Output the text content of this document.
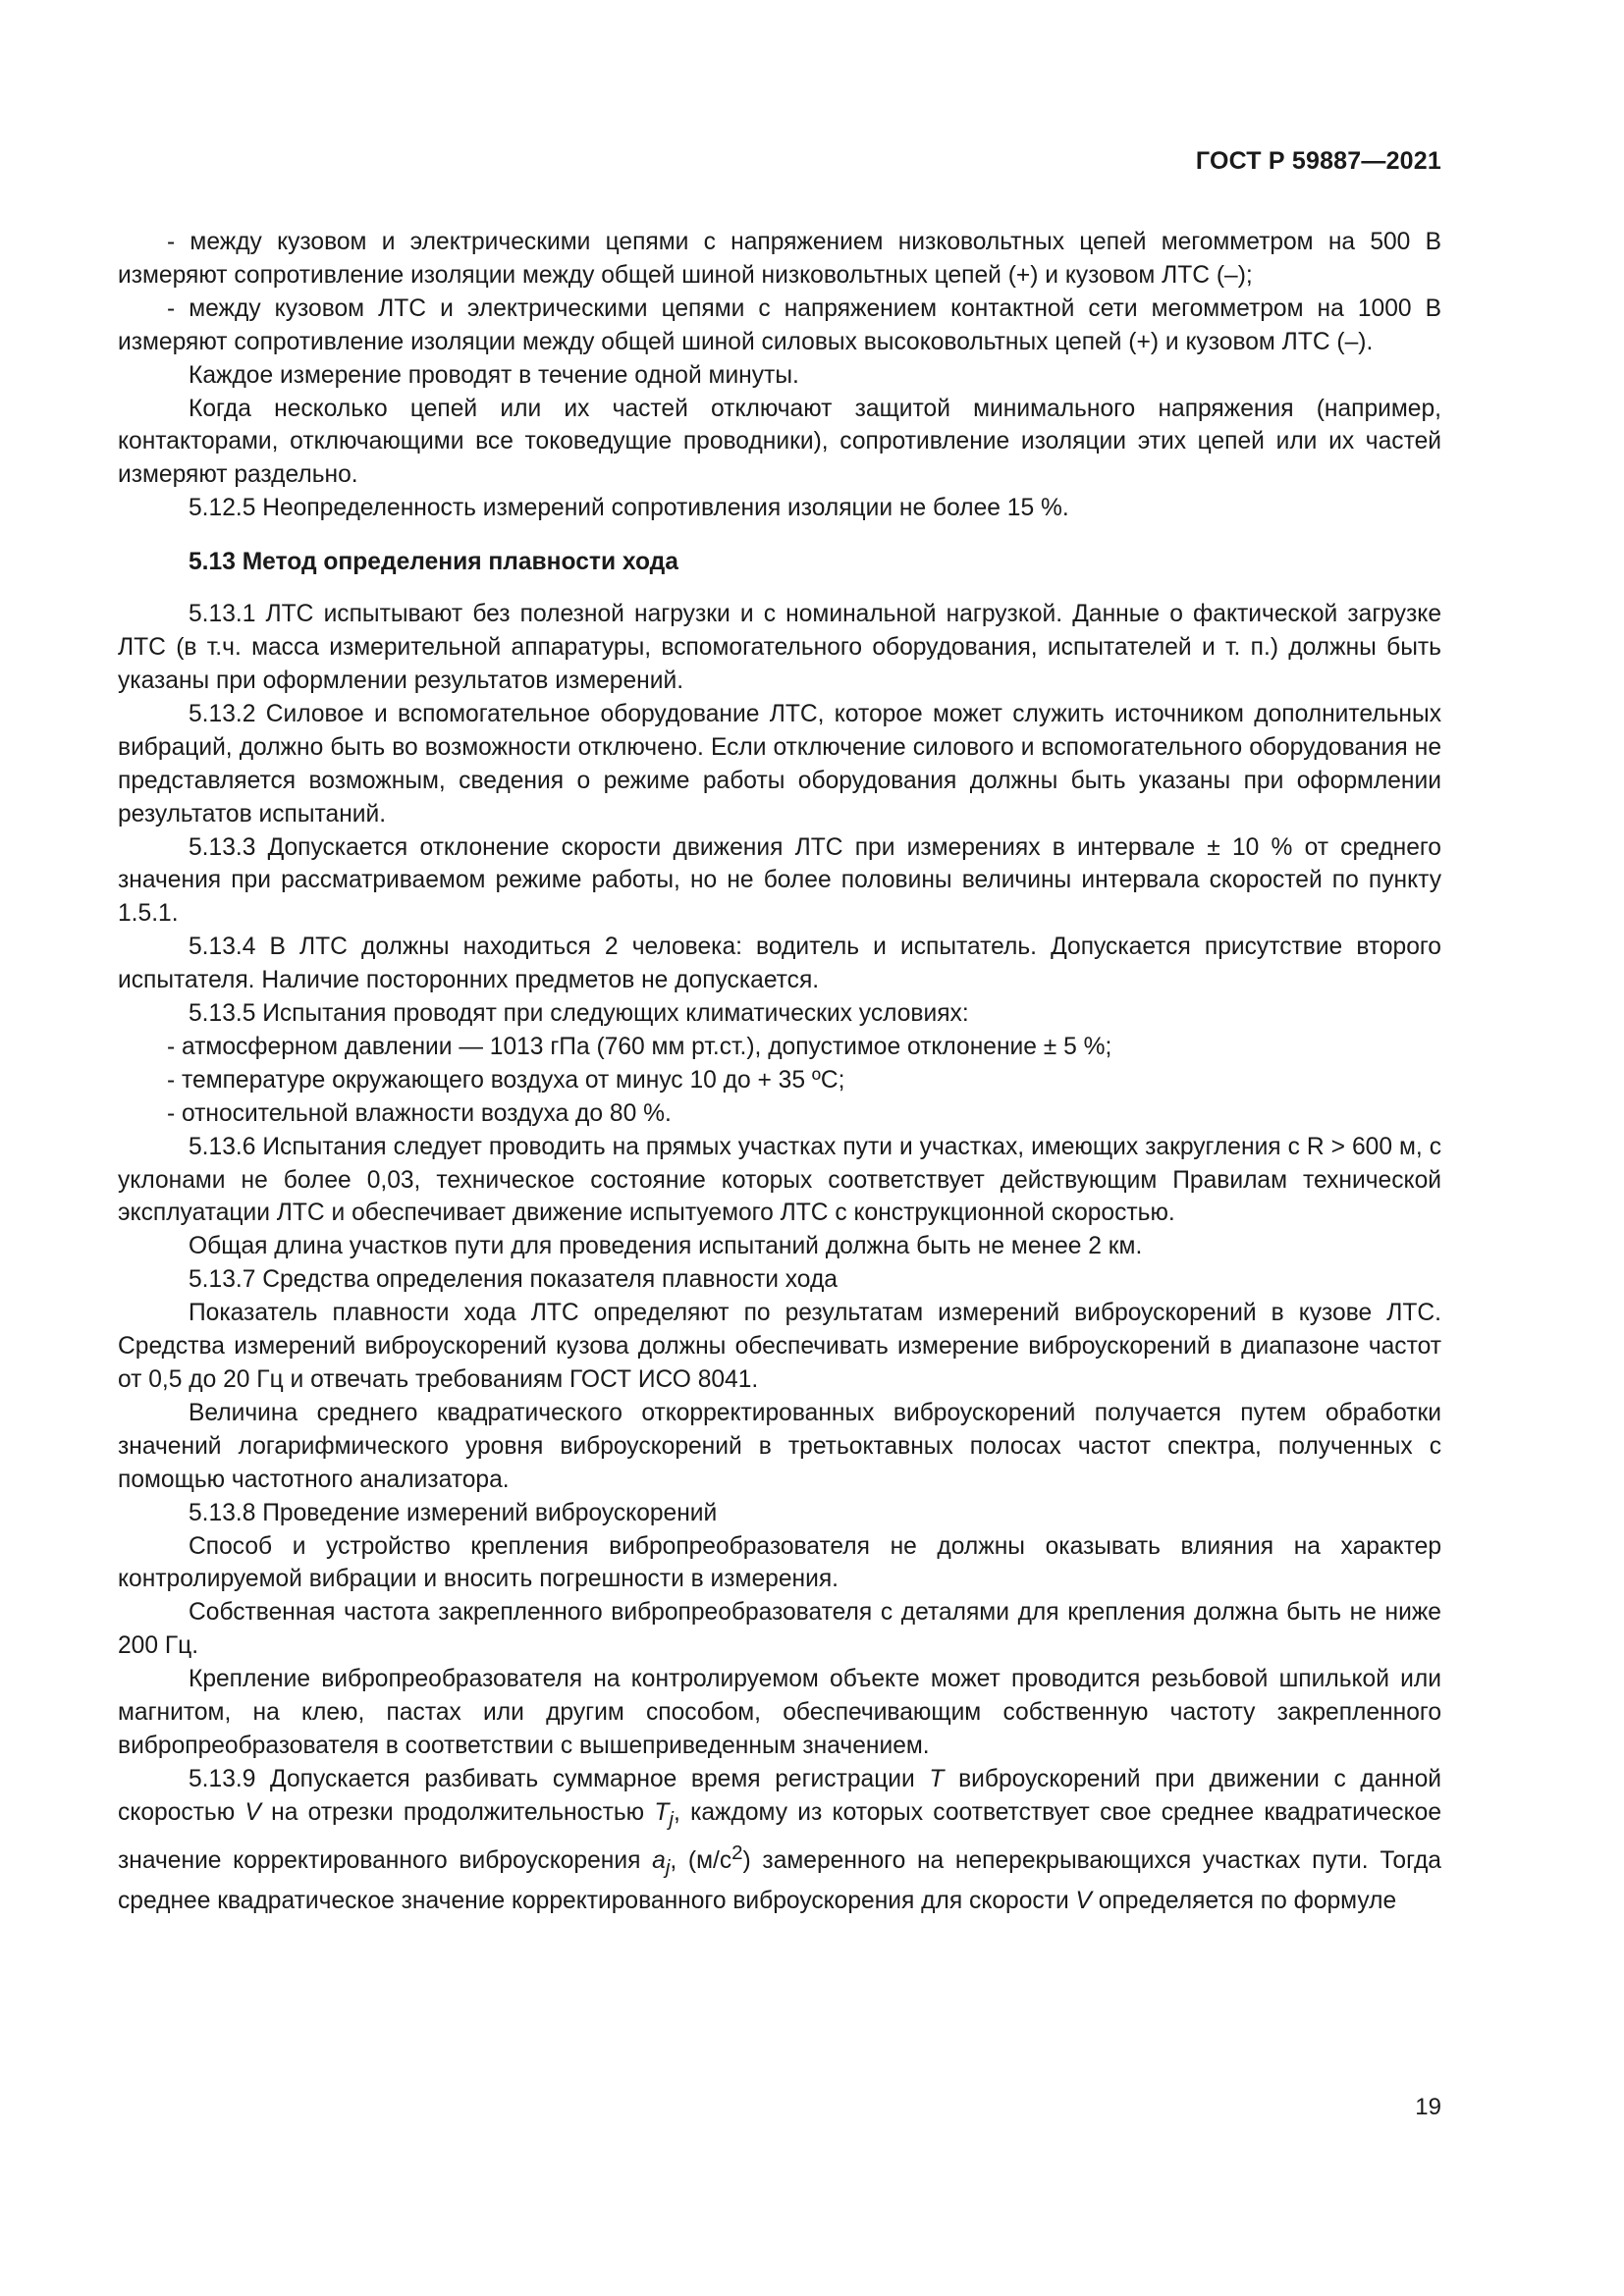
ГОСТ Р 59887—2021

- между кузовом и электрическими цепями с напряжением низковольтных цепей мегомметром на 500 В измеряют сопротивление изоляции между общей шиной низковольтных цепей (+) и кузовом ЛТС (–);

- между кузовом ЛТС и электрическими цепями с напряжением контактной сети мегомметром на 1000 В измеряют сопротивление изоляции между общей шиной силовых высоковольтных цепей (+) и кузовом ЛТС (–).

Каждое измерение проводят в течение одной минуты.

Когда несколько цепей или их частей отключают защитой минимального напряжения (например, контакторами, отключающими все токоведущие проводники), сопротивление изоляции этих цепей или их частей измеряют раздельно.

5.12.5 Неопределенность измерений сопротивления изоляции не более 15 %.

5.13 Метод определения плавности хода

5.13.1 ЛТС испытывают без полезной нагрузки и с номинальной нагрузкой. Данные о фактической загрузке ЛТС (в т.ч. масса измерительной аппаратуры, вспомогательного оборудования, испытателей и т. п.) должны быть указаны при оформлении результатов измерений.

5.13.2 Силовое и вспомогательное оборудование ЛТС, которое может служить источником дополнительных вибраций, должно быть во возможности отключено. Если отключение силового и вспомогательного оборудования не представляется возможным, сведения о режиме работы оборудования должны быть указаны при оформлении результатов испытаний.

5.13.3 Допускается отклонение скорости движения ЛТС при измерениях в интервале ± 10 % от среднего значения при рассматриваемом режиме работы, но не более половины величины интервала скоростей по пункту 1.5.1.

5.13.4 В ЛТС должны находиться 2 человека: водитель и испытатель. Допускается присутствие второго испытателя. Наличие посторонних предметов не допускается.

5.13.5 Испытания проводят при следующих климатических условиях:

- атмосферном давлении — 1013 гПа (760 мм рт.ст.), допустимое отклонение ± 5 %;

- температуре окружающего воздуха от минус 10 до + 35 ºС;

- относительной влажности воздуха до 80 %.

5.13.6 Испытания следует проводить на прямых участках пути и участках, имеющих закругления с R > 600 м, с уклонами не более 0,03, техническое состояние которых соответствует действующим Правилам технической эксплуатации ЛТС и обеспечивает движение испытуемого ЛТС с конструкционной скоростью.

Общая длина участков пути для проведения испытаний должна быть не менее 2 км.

5.13.7 Средства определения показателя плавности хода

Показатель плавности хода ЛТС определяют по результатам измерений виброускорений в кузове ЛТС. Средства измерений виброускорений кузова должны обеспечивать измерение виброускорений в диапазоне частот от 0,5 до 20 Гц и отвечать требованиям ГОСТ ИСО 8041.

Величина среднего квадратического откорректированных виброускорений получается путем обработки значений логарифмического уровня виброускорений в третьоктавных полосах частот спектра, полученных с помощью частотного анализатора.

5.13.8 Проведение измерений виброускорений

Способ и устройство крепления вибропреобразователя не должны оказывать влияния на характер контролируемой вибрации и вносить погрешности в измерения.

Собственная частота закрепленного вибропреобразователя с деталями для крепления должна быть не ниже 200 Гц.

Крепление вибропреобразователя на контролируемом объекте может проводится резьбовой шпилькой или магнитом, на клею, пастах или другим способом, обеспечивающим собственную частоту закрепленного вибропреобразователя в соответствии с вышеприведенным значением.

5.13.9 Допускается разбивать суммарное время регистрации T виброускорений при движении с данной скоростью V на отрезки продолжительностью $T_j$, каждому из которых соответствует свое среднее квадратическое значение корректированного виброускорения $a_j$, $(м/с^2)$ замеренного на неперекрывающихся участках пути. Тогда среднее квадратическое значение корректированного виброускорения для скорости V определяется по формуле

19
